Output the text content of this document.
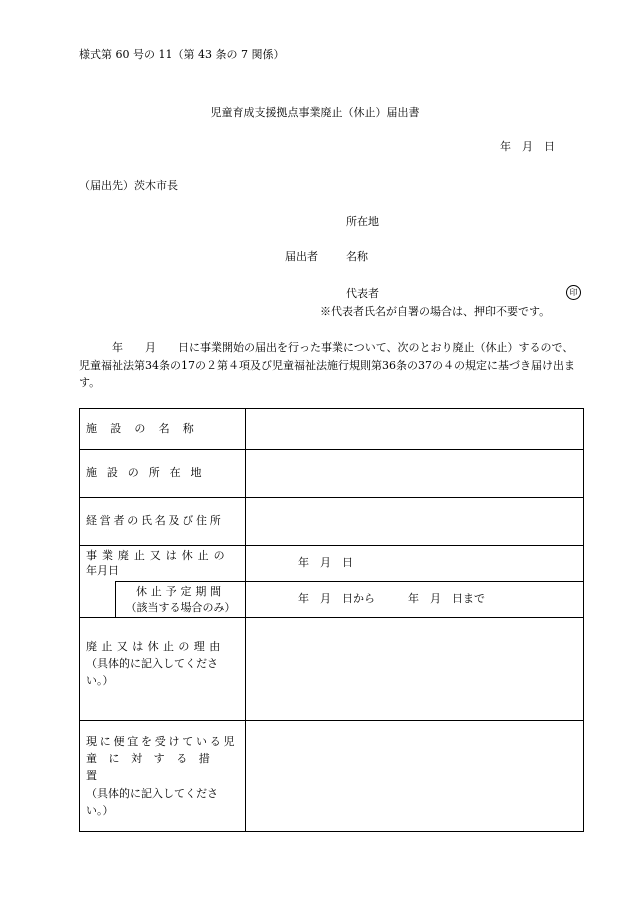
様式第 60 号の 11（第 43 条の 7 関係）
児童育成支援拠点事業廃止（休止）届出書
年　月　日
（届出先）茨木市長
所在地
届出者	名称
代表者	印
※代表者氏名が自署の場合は、押印不要です。
　　　年　　月　　日に事業開始の届出を行った事業について、次のとおり廃止（休止）するので、児童福祉法第34条の17の２第４項及び児童福祉法施行規則第36条の37の４の規定に基づき届け出ます。
施設の名称		

施設の所在地		

経営者の氏名及び住所		

事業廃止又は休止の
年月日		年　月　日

	休止予定期間
（該当する場合のみ）	年　月　日から　　　年　月　日まで

廃止又は休止の理由
（具体的に記入してくださ
い。）		

現に便宜を受けている児
童に対する措置
（具体的に記入してくださ
い。）		
